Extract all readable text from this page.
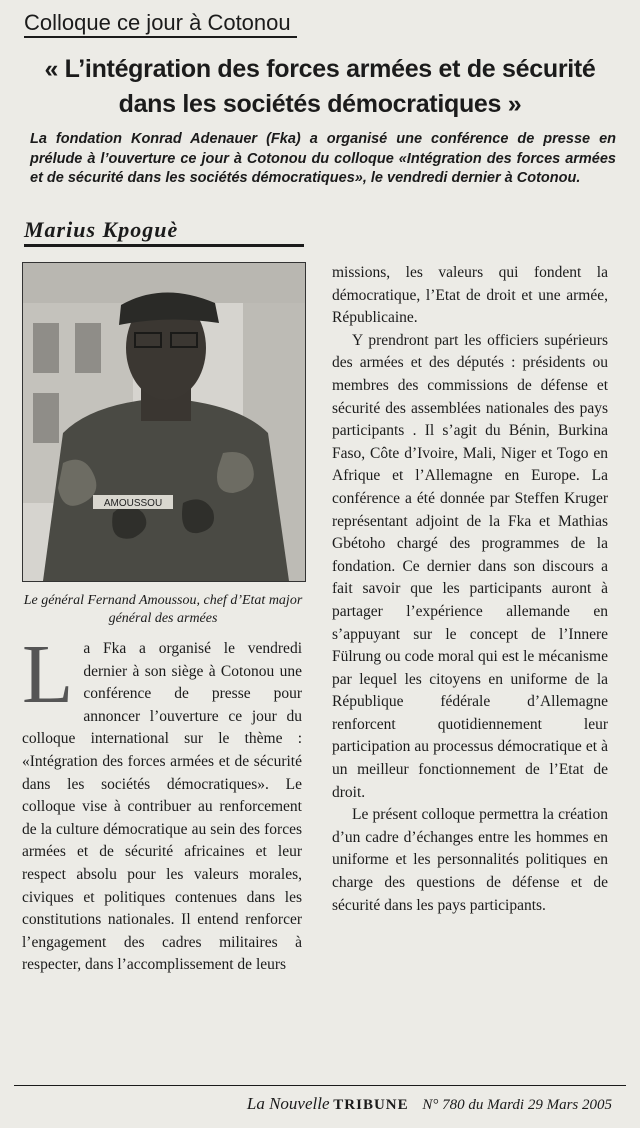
Colloque ce jour à Cotonou
« L’intégration des forces armées et de sécurité dans les sociétés démocratiques »

La fondation Konrad Adenauer (Fka) a organisé une conférence de presse en prélude à l’ouverture ce jour à Cotonou du colloque «Intégration des forces armées et de sécurité dans les sociétés démocratiques», le vendredi dernier à Cotonou.

Marius Kpoguè
AMOUSSOU
Le général Fernand Amoussou, chef d’Etat major général des armées
L a Fka a organisé le vendredi dernier à son siège à Cotonou une conférence de presse pour annoncer l’ouverture ce jour du colloque international sur le thème : «Intégration des forces armées et de sécurité dans les sociétés démocratiques». Le colloque vise à contribuer au renforcement de la culture démocratique au sein des forces armées et de sécurité africaines et leur respect absolu pour les valeurs morales, civiques et politiques contenues dans les constitutions nationales. Il entend renforcer l’engagement des cadres militaires à respecter, dans l’accomplissement de leurs

missions, les valeurs qui fondent la démocratique, l’Etat de droit et une armée, Républicaine.

Y prendront part les officiers supérieurs des armées et des députés : présidents ou membres des commissions de défense et sécurité des assemblées nationales des pays participants . Il s’agit du Bénin, Burkina Faso, Côte d’Ivoire, Mali, Niger et Togo en Afrique et l’Allemagne en Europe. La conférence a été donnée par Steffen Kruger représentant adjoint de la Fka et Mathias Gbétoho chargé des programmes de la fondation. Ce dernier dans son discours a fait savoir que les participants auront à partager l’expérience allemande en s’appuyant sur le concept de l’Innere Fülrung ou code moral qui est le mécanisme par lequel les citoyens en uniforme de la République fédérale d’Allemagne renforcent quotidiennement leur participation au processus démocratique et à un meilleur fonctionnement de l’Etat de droit.

Le présent colloque permettra la création d’un cadre d’échanges entre les hommes en uniforme et les personnalités politiques en charge des questions de défense et de sécurité dans les pays participants.

La Nouvelle TRIBUNE N° 780 du Mardi 29 Mars 2005
